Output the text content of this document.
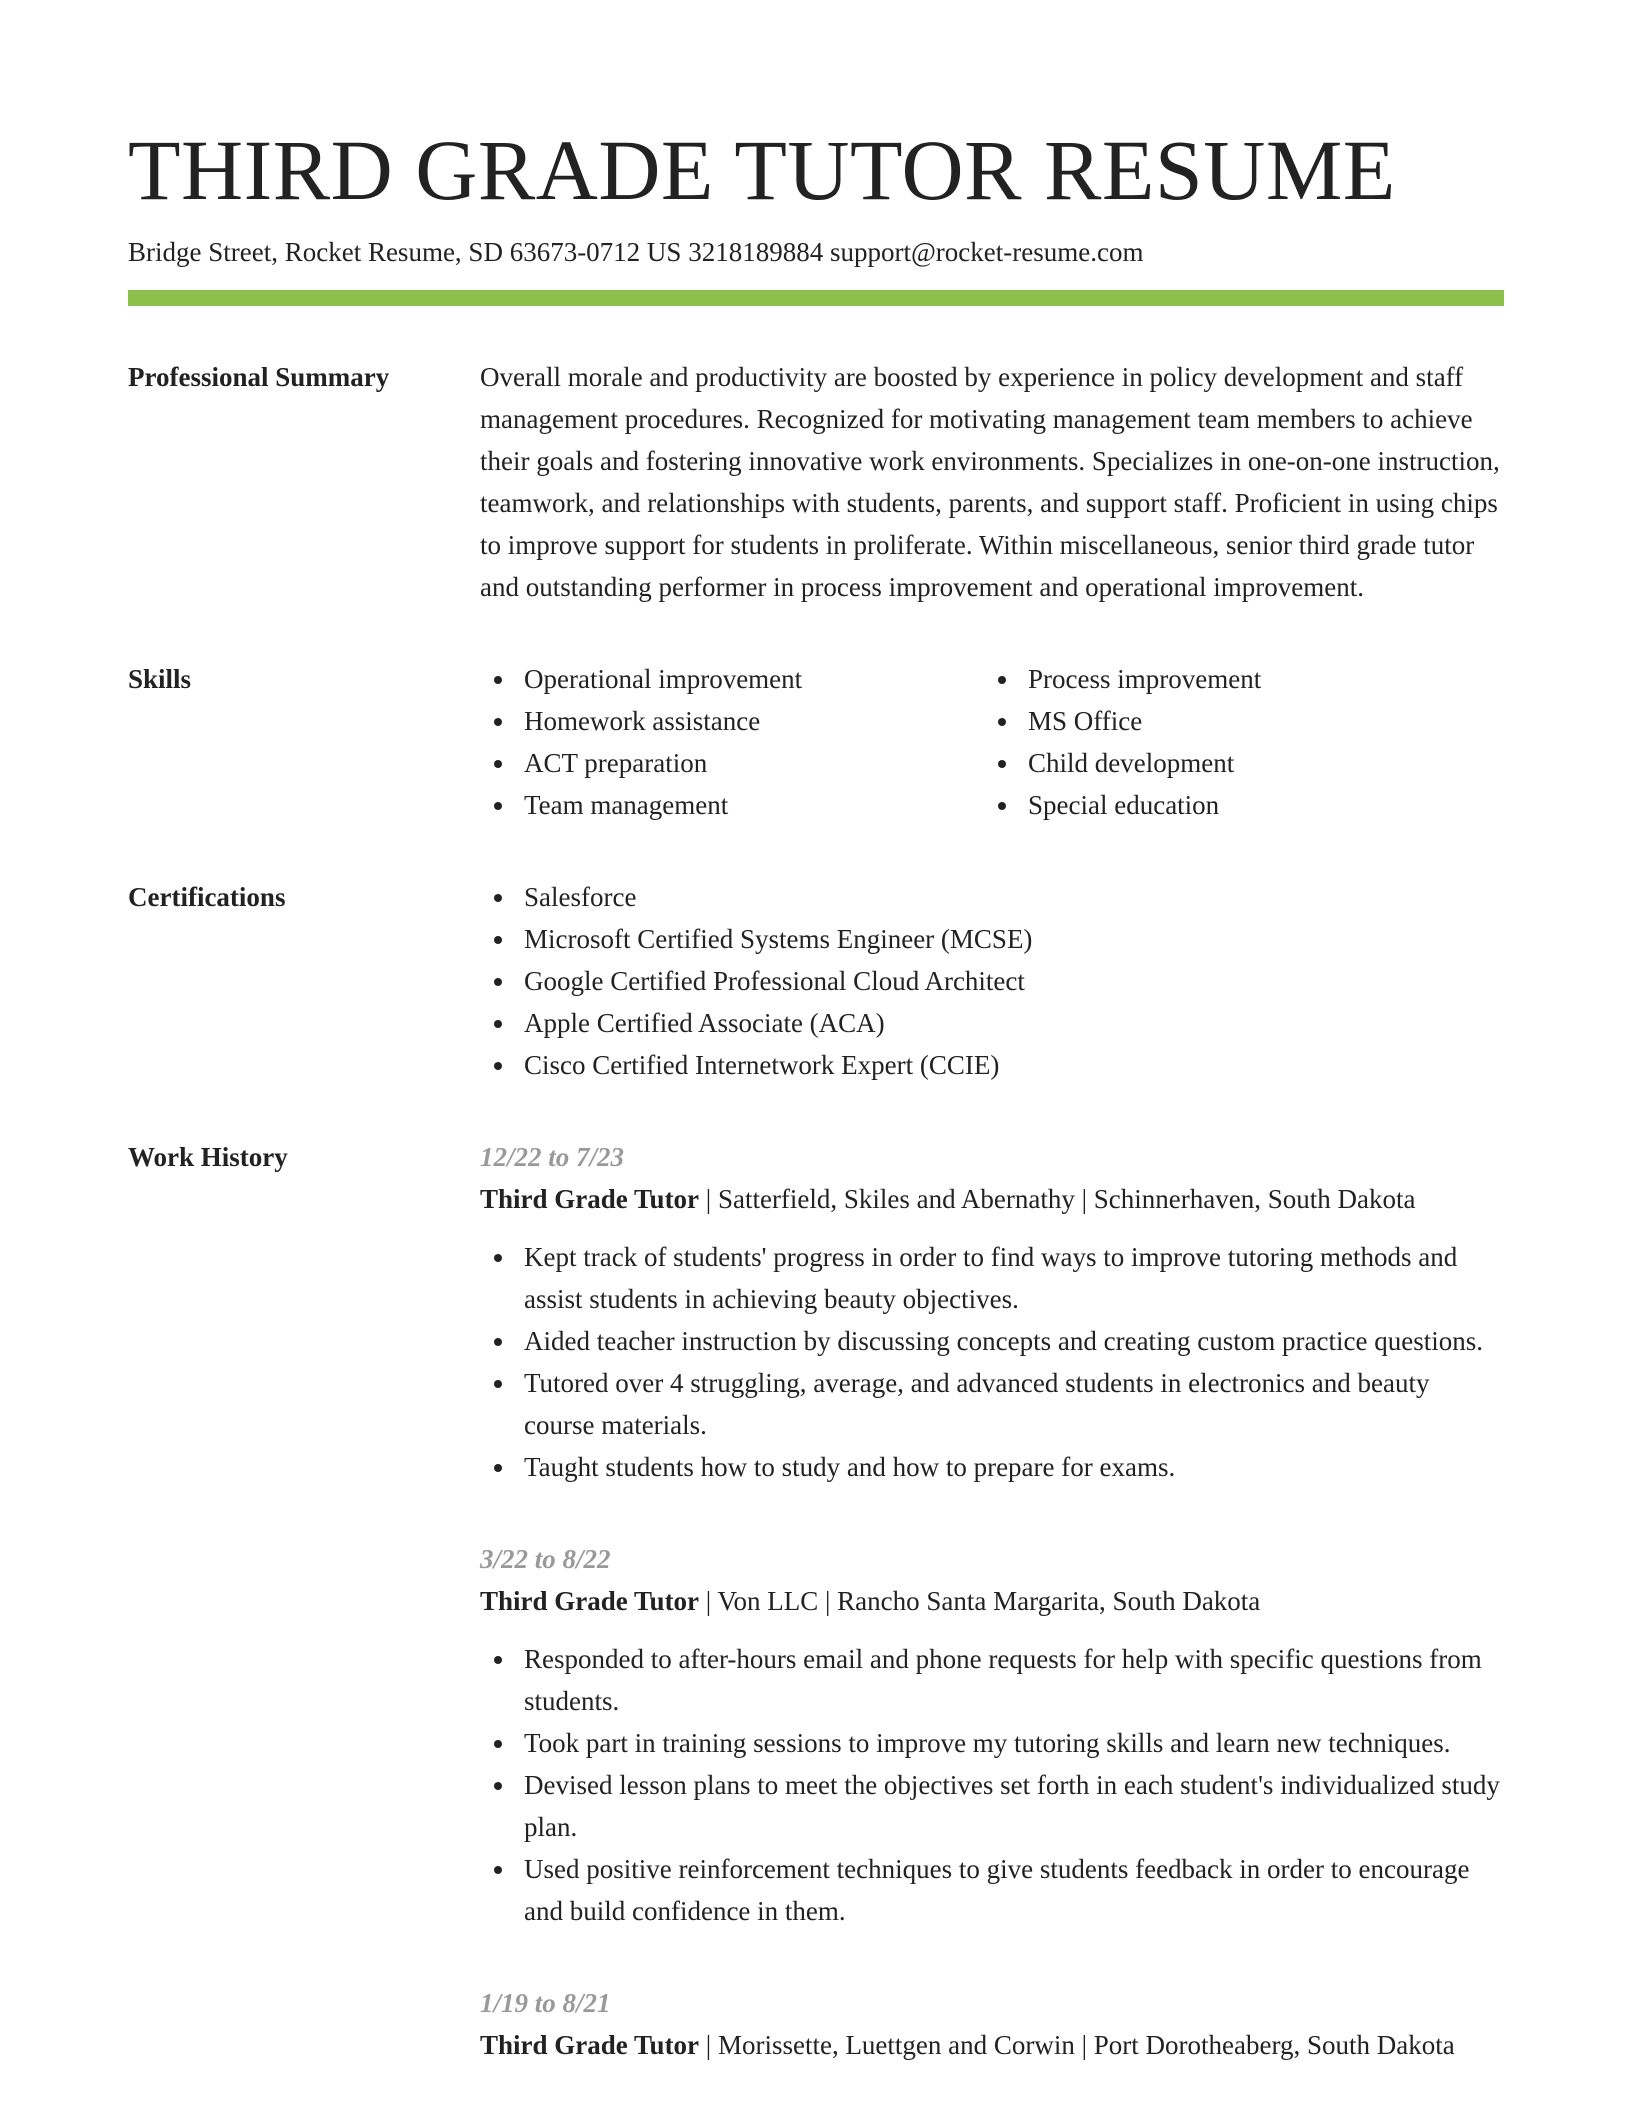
THIRD GRADE TUTOR RESUME
Bridge Street, Rocket Resume, SD 63673-0712 US 3218189884 support@rocket-resume.com
Professional Summary	Overall morale and productivity are boosted by experience in policy development and staff management procedures. Recognized for motivating management team members to achieve their goals and fostering innovative work environments. Specializes in one-on-one instruction, teamwork, and relationships with students, parents, and support staff. Proficient in using chips to improve support for students in proliferate. Within miscellaneous, senior third grade tutor and outstanding performer in process improvement and operational improvement.
Skills	Operational improvement
Homework assistance
ACT preparation
Team management
Process improvement
MS Office
Child development
Special education
Certifications	Salesforce
Microsoft Certified Systems Engineer (MCSE)
Google Certified Professional Cloud Architect
Apple Certified Associate (ACA)
Cisco Certified Internetwork Expert (CCIE)
Work History	12/22 to 7/23
Third Grade Tutor | Satterfield, Skiles and Abernathy | Schinnerhaven, South Dakota
Kept track of students' progress in order to find ways to improve tutoring methods and assist students in achieving beauty objectives.
Aided teacher instruction by discussing concepts and creating custom practice questions.
Tutored over 4 struggling, average, and advanced students in electronics and beauty course materials.
Taught students how to study and how to prepare for exams.
3/22 to 8/22
Third Grade Tutor | Von LLC | Rancho Santa Margarita, South Dakota
Responded to after-hours email and phone requests for help with specific questions from students.
Took part in training sessions to improve my tutoring skills and learn new techniques.
Devised lesson plans to meet the objectives set forth in each student's individualized study plan.
Used positive reinforcement techniques to give students feedback in order to encourage and build confidence in them.
1/19 to 8/21
Third Grade Tutor | Morissette, Luettgen and Corwin | Port Dorotheaberg, South Dakota
